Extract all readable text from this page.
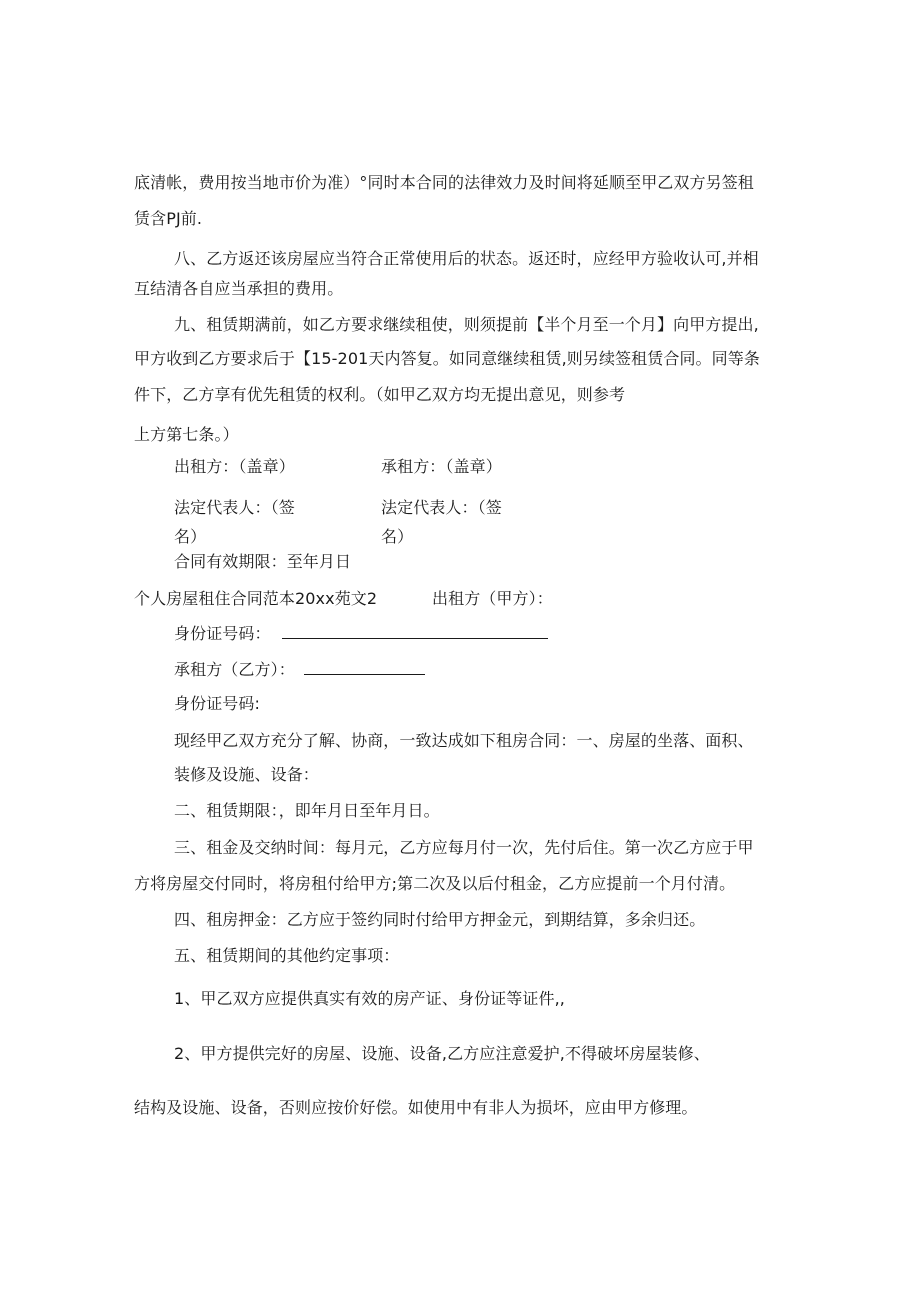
底清帐，费用按当地市价为准）°同时本合同的法律效力及时间将延顺至甲乙双方另签租
赁含PJ前.
八、乙方返还该房屋应当符合正常使用后的状态。返还时，应经甲方验收认可,并相
互结清各自应当承担的费用。
九、租赁期满前，如乙方要求继续租使，则须提前【半个月至一个月】向甲方提出,
甲方收到乙方要求后于【15-201天内答复。如同意继续租赁,则另续签租赁合同。同等条
件下，乙方享有优先租赁的权利。（如甲乙双方均无提出意见，则参考
上方第七条。）
出租方：（盖章）	承租方：（盖章）
法定代表人：（签
名）
法定代表人：（签
名）
合同有效期限：至年月日
个人房屋租住合同范本20xx苑文2	出租方（甲方）：
身份证号码：
承租方（乙方）：
身份证号码:
现经甲乙双方充分了解、协商，一致达成如下租房合同：一、房屋的坐落、面积、
装修及设施、设备：
二、租赁期限：，即年月日至年月日。
三、租金及交纳时间：每月元，乙方应每月付一次，先付后住。第一次乙方应于甲
方将房屋交付同时，将房租付给甲方;第二次及以后付租金，乙方应提前一个月付清。
四、租房押金：乙方应于签约同时付给甲方押金元，到期结算，多余归还。
五、租赁期间的其他约定事项：
1、甲乙双方应提供真实有效的房产证、身份证等证件,,
2、甲方提供完好的房屋、设施、设备,乙方应注意爱护,不得破坏房屋装修、
结构及设施、设备，否则应按价好偿。如使用中有非人为损坏，应由甲方修理。
